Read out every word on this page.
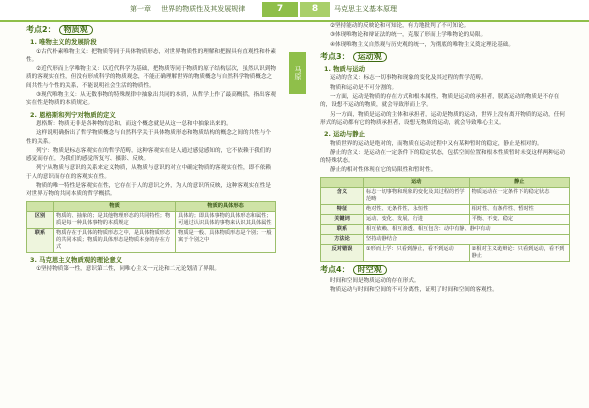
第一章 世界的物质性及其发展规律	7	8	马克思主义基本原理
马原
考点2： 物质观
1. 唯物主义的发展阶段

①古代朴素唯物主义：把物质等同于具体物质形态，对世界物质性的理解和把握具有直观性和朴素性。

②近代形而上学唯物主义：以近代科学为基础，把物质等同于物质的原子结构层次，虽然认识到物质的客观实在性，但没有形成科学的物质观念，不能正确理解世界的物质概念与自然科学物质概念之间共性与个性的关系，不能说明社会生活的物质性。

③现代唯物主义：从无数事物的特殊规律中抽象出共同的本质，从哲学上作了最高概括，指出客观实在性是物质的本质规定。

2. 恩格斯和列宁对物质的定义

恩格斯：物质无非是各种物的总和，而这个概念就是从这一总和中抽象出来的。

这样说明确指出了哲学物质概念与自然科学关于具体物质形态和物质结构的概念之间的共性与个性的关系。

列宁：物质是标志客观实在的哲学范畴，这种客观实在是人通过感觉感知的，它不依赖于我们的感觉而存在，为我们的感觉所复写、摄影、反映。

列宁从物质与意识的关系来定义物质，从物质与意识的对立中确定物质的客观实在性，即不依赖于人的意识而存在的客观实在性。

物质的唯一特性是客观实在性，它存在于人的意识之外，为人的意识所反映，这种客观实在性是对世界万物的共同本质的哲学概括。

	物质	物质的具体形态
区别	物质的、抽象的；是其他物理形态的共同特性；物质是每一种具体事物的本质规定	具体的；即具体事物的具体形态和属性；可通过认识具体的事物来认识其具体属性
联系	物质存在于具体的物质形态之中，是具体物质形态的共同本质；物质的具体形态是物质本身的存在方式	物质是一般、具体物质形态是个别；一般寓于个别之中
3. 马克思主义物质观的理论意义

①坚持物质第一性，意识第二性，同唯心主义一元论和二元论划清了界限。

②坚持能动的反映论和可知论，有力地批判了不可知论。

③体现唯物论和辩证法的统一，克服了形而上学唯物论的局限。

④体现唯物主义自然观与历史观的统一，为彻底的唯物主义奠定理论基础。

考点3： 运动观
1. 物质与运动

运动的含义：标志一切事物和现象的变化及其过程的哲学范畴。

物质和运动是不可分割的。

一方面，运动是物质的存在方式和根本属性，物质是运动的承担者，脱离运动的物质是不存在的，设想不运动的物质，就会导致形而上学。

另一方面，物质是运动的主体和承担者，运动是物质的运动，世界上没有离开物质的运动，任何形式的运动都有它的物质承担者，设想无物质的运动，就会导致唯心主义。

2. 运动与静止

物质世界的运动是绝对的，而物质在运动过程中又有某种暂时的稳定，静止是相对的。

静止的含义：是运动在一定条件下的稳定状态，包括空间位置和根本性质暂时未变这样两种运动的特殊状态。

静止的相对性体现在它的局限性和暂时性。

	运动	静止
含义	标志一切事物和现象的变化及其过程的哲学范畴	物质运动在一定条件下的稳定状态
特征	绝对性、无条件性、永恒性	相对性、有条件性、暂时性
关键词	运动、变化、发展、行进	平衡、不变、稳定
联系	相互依赖、相互渗透、相互包含：动中有静、静中有动	
方法论	坚持动静结合	
反对错误	①形而上学：只看到静止，看不到运动	②相对主义诡辩论：只看到运动，看不到静止
考点4： 时空观

时间和空间是物质运动的存在形式。

物质运动与时间和空间的不可分离性，证明了时间和空间的客观性。
